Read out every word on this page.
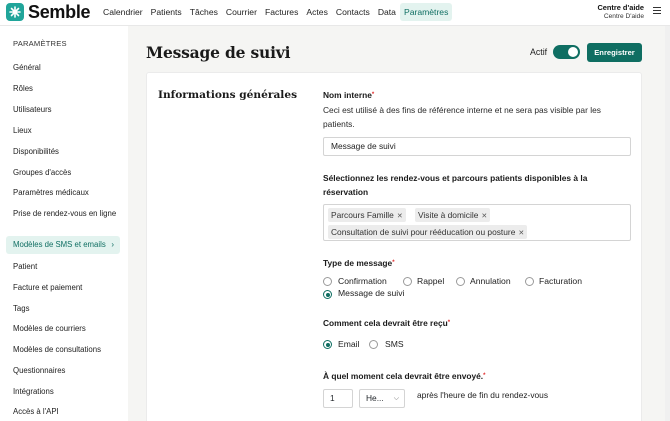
Semble	Calendrier Patients Tâches Courrier Factures Actes Contacts Data Paramètres	Centre d'aide
Centre D'aide
PARAMÈTRES
Général
Rôles
Utilisateurs
Lieux
Disponibilités
Groupes d'accès
Paramètres médicaux
Prise de rendez-vous en ligne
Modèles de SMS et emails ›
Patient
Facture et paiement
Tags
Modèles de courriers
Modèles de consultations
Questionnaires
Intégrations
Accès à l'API
Message de suivi	Actif	Enregistrer
Informations générales	Nom interne*
Ceci est utilisé à des fins de référence interne et ne sera pas visible par les patients.
Message de suivi
Sélectionnez les rendez-vous et parcours patients disponibles à la réservation
Parcours Famille ✕	Visite à domicile ✕
Consultation de suivi pour rééducation ou posture ✕
Type de message*
Confirmation	Rappel	Annulation	Facturation
Message de suivi
Comment cela devrait être reçu*
Email	SMS
À quel moment cela devrait être envoyé.*
1	He... ⌵ après l'heure de fin du rendez-vous
